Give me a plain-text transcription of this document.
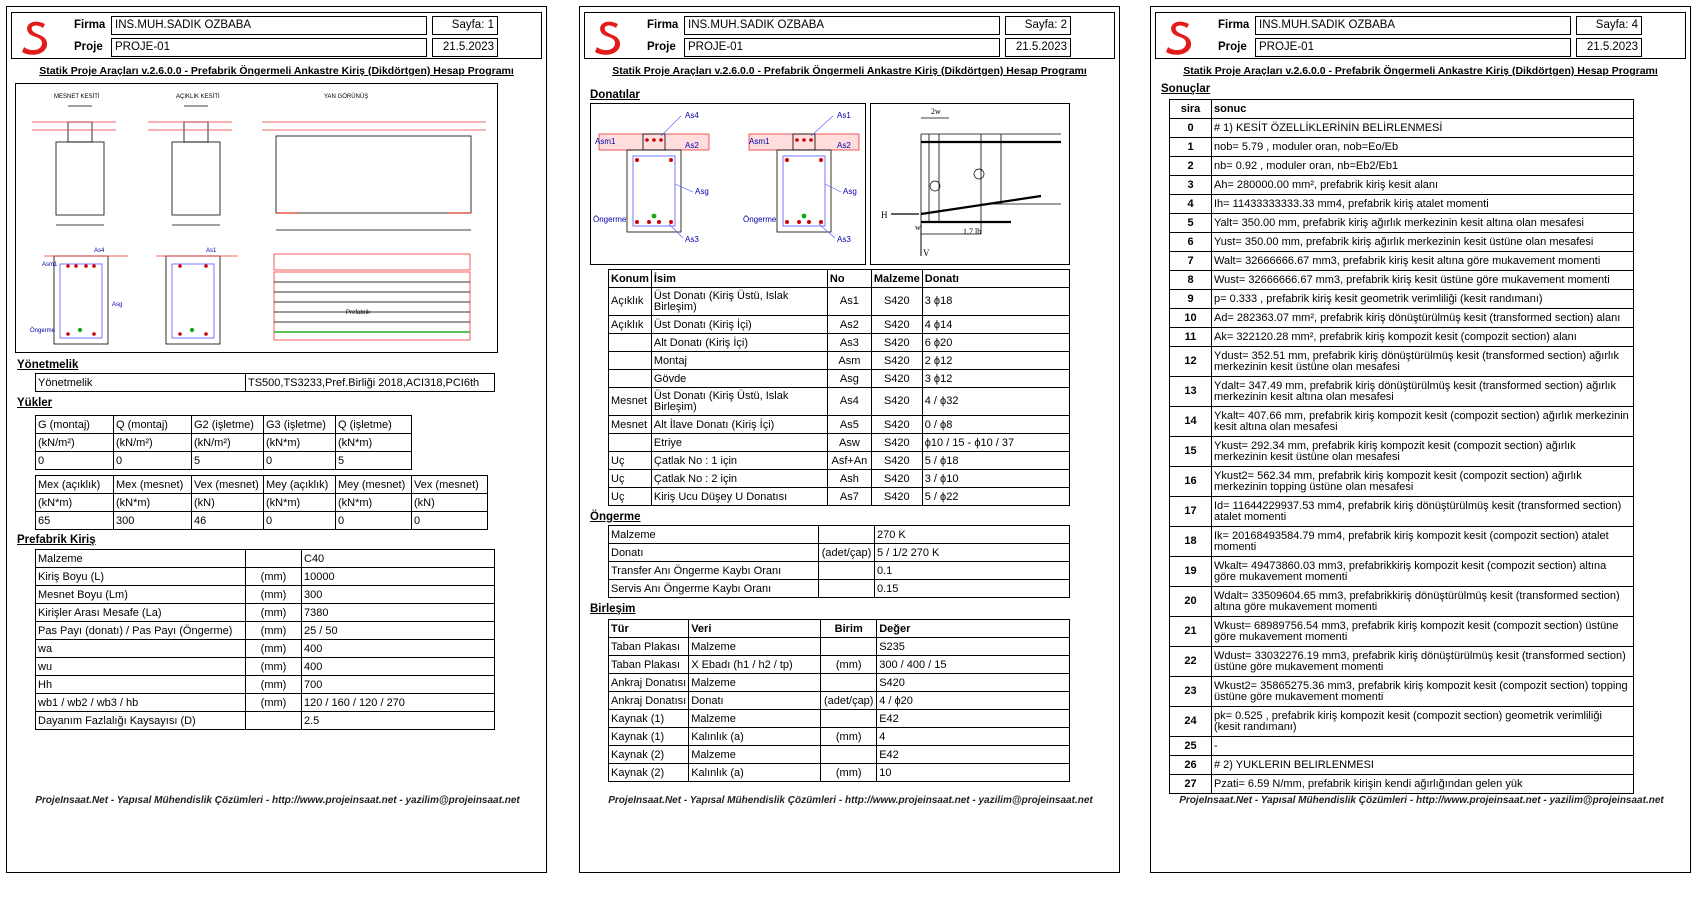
Firma
Proje
INS.MUH.SADIK OZBABA	Sayfa: 1
PROJE-01	21.5.2023
Statik Proje Araçları v.2.6.0.0 - Prefabrik Öngermeli Ankastre Kiriş (Dikdörtgen) Hesap Programı
MESNET KESİTİ	AÇIKLIK KESİTİ	YAN GÖRÜNÜŞ
As4	As1
Asm1
Asg
Öngerme
Prefabrik
Yönetmelik
Yönetmelik	TS500,TS3233,Pref.Birliği 2018,ACI318,PCI6th
Yükler
G (montaj)	Q (montaj)	G2 (işletme)	G3 (işletme)	Q (işletme)
(kN/m²)	(kN/m²)	(kN/m²)	(kN*m)	(kN*m)
0	0	5	0	5
Mex (açıklık)	Mex (mesnet)	Vex (mesnet)	Mey (açıklık)	Mey (mesnet)	Vex (mesnet)
(kN*m)	(kN*m)	(kN)	(kN*m)	(kN*m)	(kN)
65	300	46	0	0	0
Prefabrik Kiriş
Malzeme		C40
Kiriş Boyu (L)	(mm)	10000
Mesnet Boyu (Lm)	(mm)	300
Kirişler Arası Mesafe (La)	(mm)	7380
Pas Payı (donatı) / Pas Payı (Öngerme)	(mm)	25 / 50
wa	(mm)	400
wu	(mm)	400
Hh	(mm)	700
wb1 / wb2 / wb3 / hb	(mm)	120 / 160 / 120 / 270
Dayanım Fazlalığı Kaysayısı (D)		2.5
ProjeInsaat.Net - Yapısal Mühendislik Çözümleri - http://www.projeinsaat.net - yazilim@projeinsaat.net
Firma
Proje
INS.MUH.SADIK OZBABA	Sayfa: 2
PROJE-01	21.5.2023
Statik Proje Araçları v.2.6.0.0 - Prefabrik Öngermeli Ankastre Kiriş (Dikdörtgen) Hesap Programı
Donatılar
As4	As1
As2	As2
Asm1	Asm1
Asg	Asg
Öngerme	Öngerme
As3	As3
2w
H
w
V
1.7 lb
Konum	İsim	No	Malzeme	Donatı
Açıklık	Üst Donatı (Kiriş Üstü, Islak Birleşim)	As1	S420	3 ϕ18
Açıklık	Üst Donatı (Kiriş İçi)	As2	S420	4 ϕ14
	Alt Donatı (Kiriş İçi)	As3	S420	6 ϕ20
	Montaj	Asm	S420	2 ϕ12
	Gövde	Asg	S420	3 ϕ12
Mesnet	Üst Donatı (Kiriş Üstü, Islak Birleşim)	As4	S420	4 / ϕ32
Mesnet	Alt İlave Donatı (Kiriş İçi)	As5	S420	0 / ϕ8
	Etriye	Asw	S420	ϕ10 / 15 - ϕ10 / 37
Uç	Çatlak No : 1 için	Asf+An	S420	5 / ϕ18
Uç	Çatlak No : 2 için	Ash	S420	3 / ϕ10
Uç	Kiriş Ucu Düşey U Donatısı	As7	S420	5 / ϕ22
Öngerme
Malzeme		270 K
Donatı	(adet/çap)	5 / 1/2 270 K
Transfer Anı Öngerme Kaybı Oranı		0.1
Servis Anı Öngerme Kaybı Oranı		0.15
Birleşim
Tür	Veri	Birim	Değer
Taban Plakası	Malzeme		S235
Taban Plakası	X Ebadı (h1 / h2 / tp)	(mm)	300 / 400 / 15
Ankraj Donatısı	Malzeme		S420
Ankraj Donatısı	Donatı	(adet/çap)	4 / ϕ20
Kaynak (1)	Malzeme		E42
Kaynak (1)	Kalınlık (a)	(mm)	4
Kaynak (2)	Malzeme		E42
Kaynak (2)	Kalınlık (a)	(mm)	10
ProjeInsaat.Net - Yapısal Mühendislik Çözümleri - http://www.projeinsaat.net - yazilim@projeinsaat.net
Firma
Proje
INS.MUH.SADIK OZBABA	Sayfa: 4
PROJE-01	21.5.2023
Statik Proje Araçları v.2.6.0.0 - Prefabrik Öngermeli Ankastre Kiriş (Dikdörtgen) Hesap Programı
Sonuçlar
sira	sonuc
0	# 1) KESİT ÖZELLİKLERİNİN BELİRLENMESİ
1	nob= 5.79 , moduler oran, nob=Eo/Eb
2	nb= 0.92 , moduler oran, nb=Eb2/Eb1
3	Ah= 280000.00 mm², prefabrik kiriş kesit alanı
4	Ih= 11433333333.33 mm4, prefabrik kiriş atalet momenti
5	Yalt= 350.00 mm, prefabrik kiriş ağırlık merkezinin kesit altına olan mesafesi
6	Yust= 350.00 mm, prefabrik kiriş ağırlık merkezinin kesit üstüne olan mesafesi
7	Walt= 32666666.67 mm3, prefabrik kiriş kesit altına göre mukavement momenti
8	Wust= 32666666.67 mm3, prefabrik kiriş kesit üstüne göre mukavement momenti
9	p= 0.333 , prefabrik kiriş kesit geometrik verimliliği (kesit randımanı)
10	Ad= 282363.07 mm², prefabrik kiriş dönüştürülmüş kesit (transformed section) alanı
11	Ak= 322120.28 mm², prefabrik kiriş kompozit kesit (compozit section) alanı
12	Ydust= 352.51 mm, prefabrik kiriş dönüştürülmüş kesit (transformed section) ağırlık merkezinin kesit üstüne olan mesafesi
13	Ydalt= 347.49 mm, prefabrik kiriş dönüştürülmüş kesit (transformed section) ağırlık merkezinin kesit altına olan mesafesi
14	Ykalt= 407.66 mm, prefabrik kiriş kompozit kesit (compozit section) ağırlık merkezinin kesit altına olan mesafesi
15	Ykust= 292.34 mm, prefabrik kiriş kompozit kesit (compozit section) ağırlık merkezinin kesit üstüne olan mesafesi
16	Ykust2= 562.34 mm, prefabrik kiriş kompozit kesit (compozit section) ağırlık merkezinin topping üstüne olan mesafesi
17	Id= 11644229937.53 mm4, prefabrik kiriş dönüştürülmüş kesit (transformed section) atalet momenti
18	Ik= 20168493584.79 mm4, prefabrik kiriş kompozit kesit (compozit section) atalet momenti
19	Wkalt= 49473860.03 mm3, prefabrikkiriş kompozit kesit (compozit section) altına göre mukavement momenti
20	Wdalt= 33509604.65 mm3, prefabrikkiriş dönüştürülmüş kesit (transformed section) altına göre mukavement momenti
21	Wkust= 68989756.54 mm3, prefabrik kiriş kompozit kesit (compozit section) üstüne göre mukavement momenti
22	Wdust= 33032276.19 mm3, prefabrik kiriş dönüştürülmüş kesit (transformed section) üstüne göre mukavement momenti
23	Wkust2= 35865275.36 mm3, prefabrik kiriş kompozit kesit (compozit section) topping üstüne göre mukavement momenti
24	pk= 0.525 , prefabrik kiriş kompozit kesit (compozit section) geometrik verimliliği (kesit randımanı)
25	-
26	# 2) YUKLERIN BELIRLENMESI
27	Pzati= 6.59 N/mm, prefabrik kirişin kendi ağırlığından gelen yük
ProjeInsaat.Net - Yapısal Mühendislik Çözümleri - http://www.projeinsaat.net - yazilim@projeinsaat.net
